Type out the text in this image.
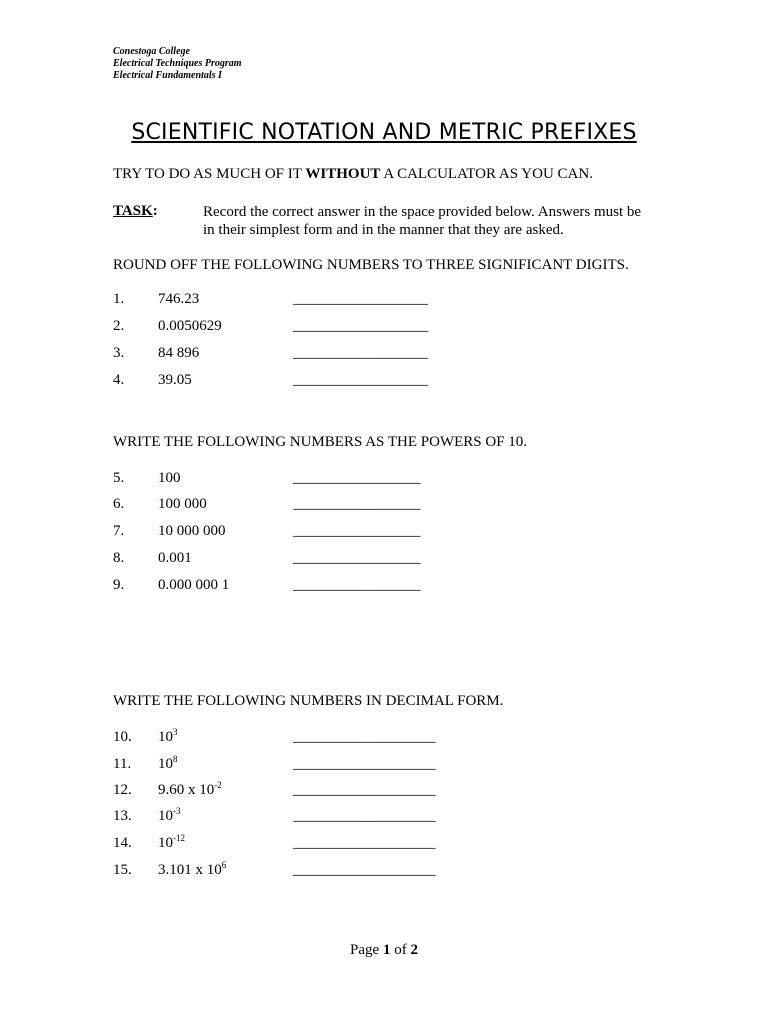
Conestoga College
Electrical Techniques Program
Electrical Fundamentals I
SCIENTIFIC NOTATION AND METRIC PREFIXES
TRY TO DO AS MUCH OF IT WITHOUT A CALCULATOR AS YOU CAN.
TASK:	Record the correct answer in the space provided below. Answers must be in their simplest form and in the manner that they are asked.
ROUND OFF THE FOLLOWING NUMBERS TO THREE SIGNIFICANT DIGITS.
1. 746.23	__________________
2. 0.0050629	__________________
3. 84 896	__________________
4. 39.05	__________________
WRITE THE FOLLOWING NUMBERS AS THE POWERS OF 10.
5. 100	_________________
6. 100 000	_________________
7. 10 000 000	_________________
8. 0.001	_________________
9. 0.000 000 1	_________________
WRITE THE FOLLOWING NUMBERS IN DECIMAL FORM.
10. $10^3$	___________________
11. $10^8$	___________________
12. 9.60 x $10^{-2}$	___________________
13. $10^{-3}$	___________________
14. $10^{-12}$	___________________
15. 3.101 x $10^6$	___________________
Page 1 of 2
